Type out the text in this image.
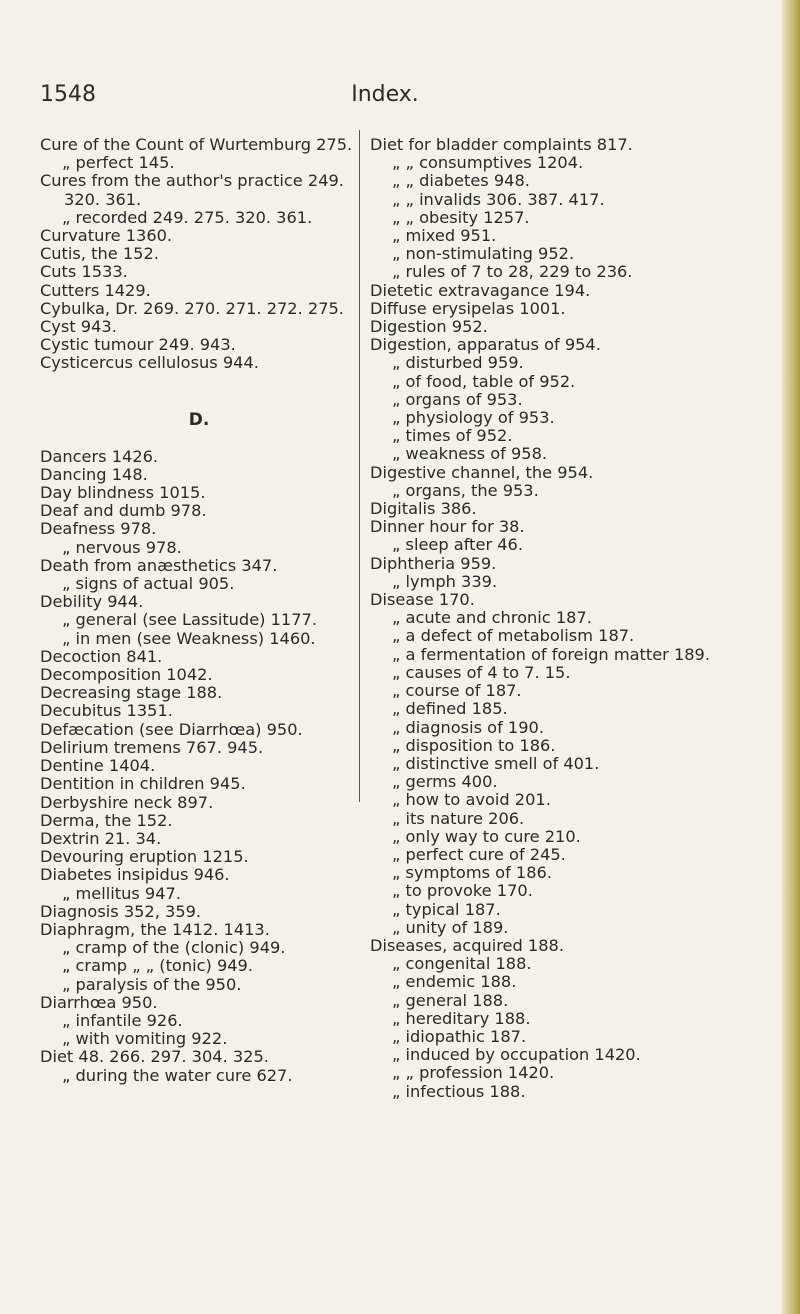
1548	Index.

Cure of the Count of Wurtemburg 275.

„ perfect 145.

Cures from the author's practice 249. 320. 361.

„ recorded 249. 275. 320. 361.

Curvature 1360.

Cutis, the 152.

Cuts 1533.

Cutters 1429.

Cybulka, Dr. 269. 270. 271. 272. 275.

Cyst 943.

Cystic tumour 249. 943.

Cysticercus cellulosus 944.

D.

Dancers 1426.

Dancing 148.

Day blindness 1015.

Deaf and dumb 978.

Deafness 978.

„ nervous 978.

Death from anæsthetics 347.

„ signs of actual 905.

Debility 944.

„ general (see Lassitude) 1177.

„ in men (see Weakness) 1460.

Decoction 841.

Decomposition 1042.

Decreasing stage 188.

Decubitus 1351.

Defæcation (see Diarrhœa) 950.

Delirium tremens 767. 945.

Dentine 1404.

Dentition in children 945.

Derbyshire neck 897.

Derma, the 152.

Dextrin 21. 34.

Devouring eruption 1215.

Diabetes insipidus 946.

„ mellitus 947.

Diagnosis 352, 359.

Diaphragm, the 1412. 1413.

„ cramp of the (clonic) 949.

„ cramp „ „ (tonic) 949.

„ paralysis of the 950.

Diarrhœa 950.

„ infantile 926.

„ with vomiting 922.

Diet 48. 266. 297. 304. 325.

„ during the water cure 627.

Diet for bladder complaints 817.

„ „ consumptives 1204.

„ „ diabetes 948.

„ „ invalids 306. 387. 417.

„ „ obesity 1257.

„ mixed 951.

„ non-stimulating 952.

„ rules of 7 to 28, 229 to 236.

Dietetic extravagance 194.

Diffuse erysipelas 1001.

Digestion 952.

Digestion, apparatus of 954.

„ disturbed 959.

„ of food, table of 952.

„ organs of 953.

„ physiology of 953.

„ times of 952.

„ weakness of 958.

Digestive channel, the 954.

„ organs, the 953.

Digitalis 386.

Dinner hour for 38.

„ sleep after 46.

Diphtheria 959.

„ lymph 339.

Disease 170.

„ acute and chronic 187.

„ a defect of metabolism 187.

„ a fermentation of foreign matter 189.

„ causes of 4 to 7. 15.

„ course of 187.

„ defined 185.

„ diagnosis of 190.

„ disposition to 186.

„ distinctive smell of 401.

„ germs 400.

„ how to avoid 201.

„ its nature 206.

„ only way to cure 210.

„ perfect cure of 245.

„ symptoms of 186.

„ to provoke 170.

„ typical 187.

„ unity of 189.

Diseases, acquired 188.

„ congenital 188.

„ endemic 188.

„ general 188.

„ hereditary 188.

„ idiopathic 187.

„ induced by occupation 1420.

„ „ profession 1420.

„ infectious 188.
